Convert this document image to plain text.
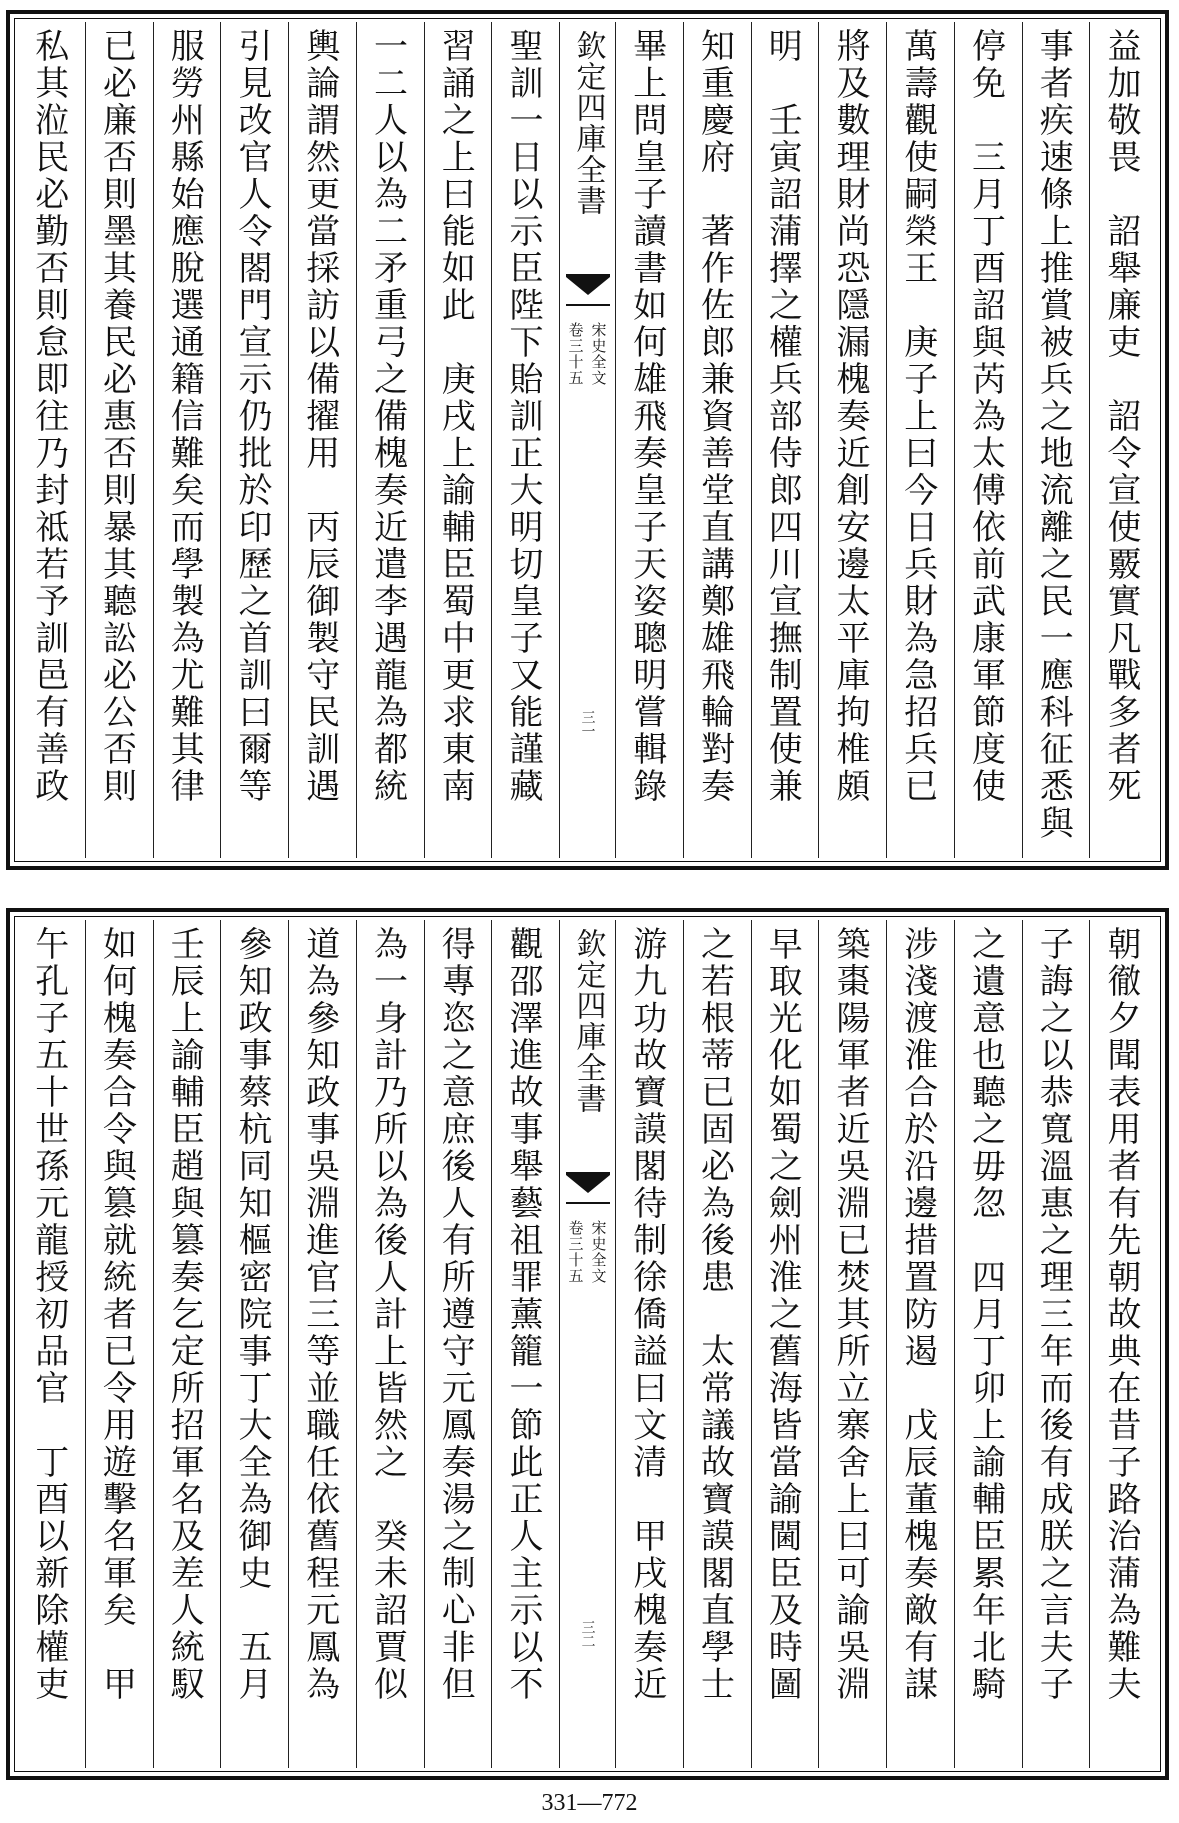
益加敬畏　詔舉廉吏　詔令宣使覈實凡戰多者死
事者疾速條上推賞被兵之地流離之民一應科征悉與
停免　三月丁酉詔與芮為太傅依前武康軍節度使
萬壽觀使嗣榮王　庚子上曰今日兵財為急招兵已
將及數理財尚恐隱漏槐奏近創安邊太平庫拘椎頗
明　壬寅詔蒲擇之權兵部侍郎四川宣撫制置使兼
知重慶府　著作佐郎兼資善堂直講鄭雄飛輪對奏
畢上問皇子讀書如何雄飛奏皇子天姿聰明嘗輯錄
欽定四庫全書
宋史全文
卷三十五
三一
聖訓一日以示臣陛下貽訓正大明切皇子又能謹藏
習誦之上曰能如此　庚戌上諭輔臣蜀中更求東南
一二人以為二矛重弓之備槐奏近遣李遇龍為都統
輿論謂然更當採訪以備擢用　丙辰御製守民訓遇
引見改官人令閤門宣示仍批於印歷之首訓曰爾等
服勞州縣始應脫選通籍信難矣而學製為尤難其律
已必廉否則墨其養民必惠否則暴其聽訟必公否則
私其涖民必勤否則怠即往乃封祗若予訓邑有善政
朝徹夕聞表用者有先朝故典在昔子路治蒲為難夫
子誨之以恭寬溫惠之理三年而後有成朕之言夫子
之遺意也聽之毋忽　四月丁卯上諭輔臣累年北騎
涉淺渡淮合於沿邊措置防遏　戊辰董槐奏敵有謀
築棗陽軍者近吳淵已焚其所立寨舍上曰可諭吳淵
早取光化如蜀之劍州淮之舊海皆當諭閫臣及時圖
之若根蒂已固必為後患　太常議故寶謨閣直學士
游九功故寶謨閣待制徐僑謚曰文清　甲戌槐奏近
欽定四庫全書
宋史全文
卷三十五
三二
觀邵澤進故事舉藝祖罪薰籠一節此正人主示以不
得專恣之意庶後人有所遵守元鳳奏湯之制心非但
為一身計乃所以為後人計上皆然之　癸未詔賈似
道為參知政事吳淵進官三等並職任依舊程元鳳為
參知政事蔡杭同知樞密院事丁大全為御史　五月
壬辰上諭輔臣趙與篡奏乞定所招軍名及差人統馭
如何槐奏合令與篡就統者已令用遊擊名軍矣　甲
午孔子五十世孫元龍授初品官　丁酉以新除權吏
331—772
